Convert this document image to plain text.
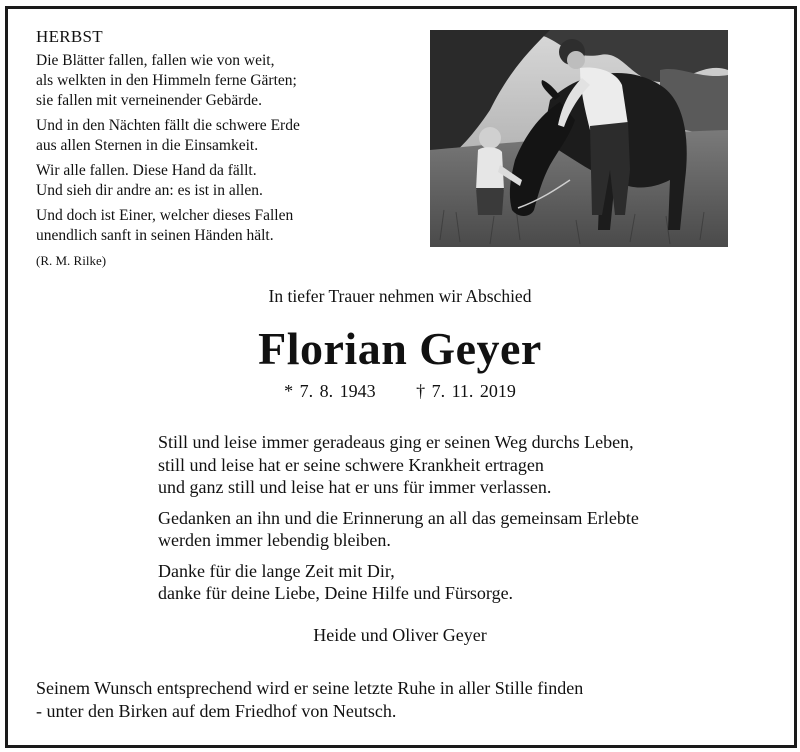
HERBST
Die Blätter fallen, fallen wie von weit,
als welkten in den Himmeln ferne Gärten;
sie fallen mit verneinender Gebärde.
Und in den Nächten fällt die schwere Erde
aus allen Sternen in die Einsamkeit.
Wir alle fallen. Diese Hand da fällt.
Und sieh dir andre an: es ist in allen.
Und doch ist Einer, welcher dieses Fallen
unendlich sanft in seinen Händen hält.
(R. M. Rilke)
In tiefer Trauer nehmen wir Abschied
Florian Geyer
* 7. 8. 1943 † 7. 11. 2019
Still und leise immer geradeaus ging er seinen Weg durchs Leben,
still und leise hat er seine schwere Krankheit ertragen
und ganz still und leise hat er uns für immer verlassen.
Gedanken an ihn und die Erinnerung an all das gemeinsam Erlebte
werden immer lebendig bleiben.
Danke für die lange Zeit mit Dir,
danke für deine Liebe, Deine Hilfe und Fürsorge.
Heide und Oliver Geyer
Seinem Wunsch entsprechend wird er seine letzte Ruhe in aller Stille finden
- unter den Birken auf dem Friedhof von Neutsch.
